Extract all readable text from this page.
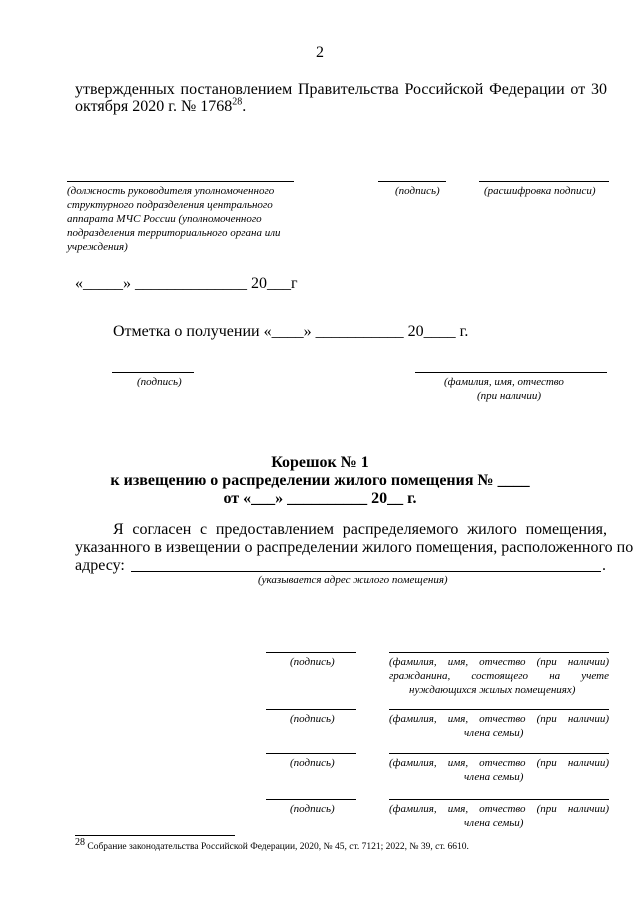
2
утвержденных постановлением Правительства Российской Федерации от 30
октября 2020 г. № 1768$^{28}$.
(должность руководителя уполномоченного структурного подразделения центрального аппарата МЧС России (уполномоченного подразделения территориального органа или учреждения)
(подпись)	(расшифровка подписи)
«_____» ______________ 20___г
Отметка о получении «____» ___________ 20____ г.
(подпись)	(фамилия, имя, отчество
(при наличии)
Корешок № 1
к извещению о распределении жилого помещения № ____
от «___» __________ 20__ г.
Я согласен с предоставлением распределяемого жилого помещения,
указанного в извещении о распределении жилого помещения, расположенного по
адресу:	.
(указывается адрес жилого помещения)
(подпись)	(фамилия, имя, отчество (при наличии)
гражданина, состоящего на учете
нуждающихся жилых помещениях)
(подпись)	(фамилия, имя, отчество (при наличии)
члена семьи)
(подпись)	(фамилия, имя, отчество (при наличии)
члена семьи)
(подпись)	(фамилия, имя, отчество (при наличии)
члена семьи)
$^{28}$ Собрание законодательства Российской Федерации, 2020, № 45, ст. 7121; 2022, № 39, ст. 6610.
